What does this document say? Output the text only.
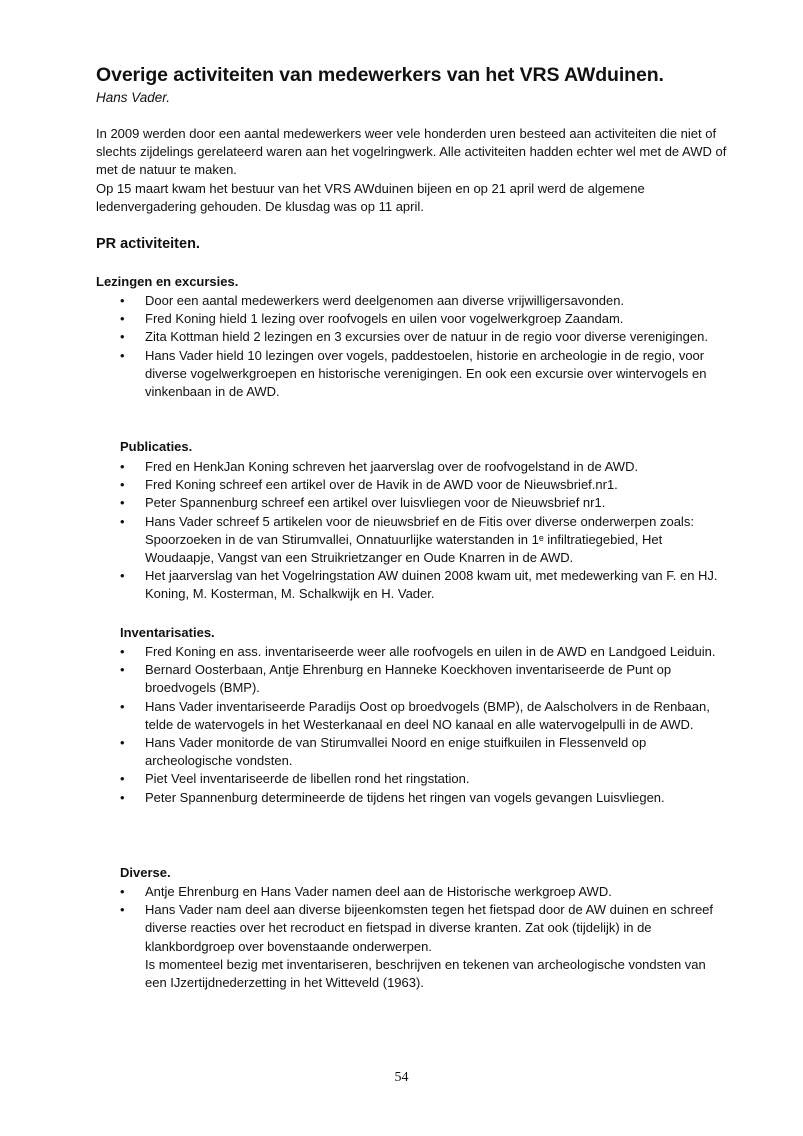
Overige activiteiten van medewerkers van het VRS AWduinen.
Hans Vader.

In 2009 werden door een aantal medewerkers weer vele honderden uren besteed aan activiteiten die niet of slechts zijdelings gerelateerd waren aan het vogelringwerk. Alle activiteiten hadden echter wel met de AWD of met de natuur te maken.

Op 15 maart kwam het bestuur van het VRS AWduinen bijeen en op 21 april werd de algemene ledenvergadering gehouden. De klusdag was op 11 april.

PR activiteiten.
Lezingen en excursies.
•	Door een aantal medewerkers werd deelgenomen aan diverse vrijwilligersavonden.
•	Fred Koning hield 1 lezing over roofvogels en uilen voor vogelwerkgroep Zaandam.
•	Zita Kottman hield 2 lezingen en 3 excursies over de natuur in de regio voor diverse verenigingen.
•	Hans Vader hield 10 lezingen over vogels, paddestoelen, historie en archeologie in de regio, voor diverse vogelwerkgroepen en historische verenigingen. En ook een excursie over wintervogels en vinkenbaan in de AWD.
Publicaties.
•	Fred en HenkJan Koning schreven het jaarverslag over de roofvogelstand in de AWD.
•	Fred Koning schreef een artikel over de Havik in de AWD voor de Nieuwsbrief.nr1.
•	Peter Spannenburg schreef een artikel over luisvliegen voor de Nieuwsbrief nr1.
•	Hans Vader schreef 5 artikelen voor de nieuwsbrief en de Fitis over diverse onderwerpen zoals: Spoorzoeken in de van Stirumvallei, Onnatuurlijke waterstanden in 1ᵉ infiltratiegebied, Het Woudaapje, Vangst van een Struikrietzanger en Oude Knarren in de AWD.
•	Het jaarverslag van het Vogelringstation AW duinen 2008 kwam uit, met medewerking van F. en HJ. Koning, M. Kosterman, M. Schalkwijk en H. Vader.
Inventarisaties.
•	Fred Koning en ass. inventariseerde weer alle roofvogels en uilen in de AWD en Landgoed Leiduin.
•	Bernard Oosterbaan, Antje Ehrenburg en Hanneke Koeckhoven inventariseerde de Punt op broedvogels (BMP).
•	Hans Vader inventariseerde Paradijs Oost op broedvogels (BMP), de Aalscholvers in de Renbaan, telde de watervogels in het Westerkanaal en deel NO kanaal en alle watervogelpulli in de AWD.
•	Hans Vader monitorde de van Stirumvallei Noord en enige stuifkuilen in Flessenveld op archeologische vondsten.
•	Piet Veel inventariseerde de libellen rond het ringstation.
•	Peter Spannenburg determineerde de tijdens het ringen van vogels gevangen Luisvliegen.
Diverse.
•	Antje Ehrenburg en Hans Vader namen deel aan de Historische werkgroep AWD.
•	Hans Vader nam deel aan diverse bijeenkomsten tegen het fietspad door de AW duinen en schreef diverse reacties over het recroduct en fietspad in diverse kranten. Zat ook (tijdelijk) in de klankbordgroep over bovenstaande onderwerpen.
Is momenteel bezig met inventariseren, beschrijven en tekenen van archeologische vondsten van een IJzertijdnederzetting in het Witteveld (1963).
54
